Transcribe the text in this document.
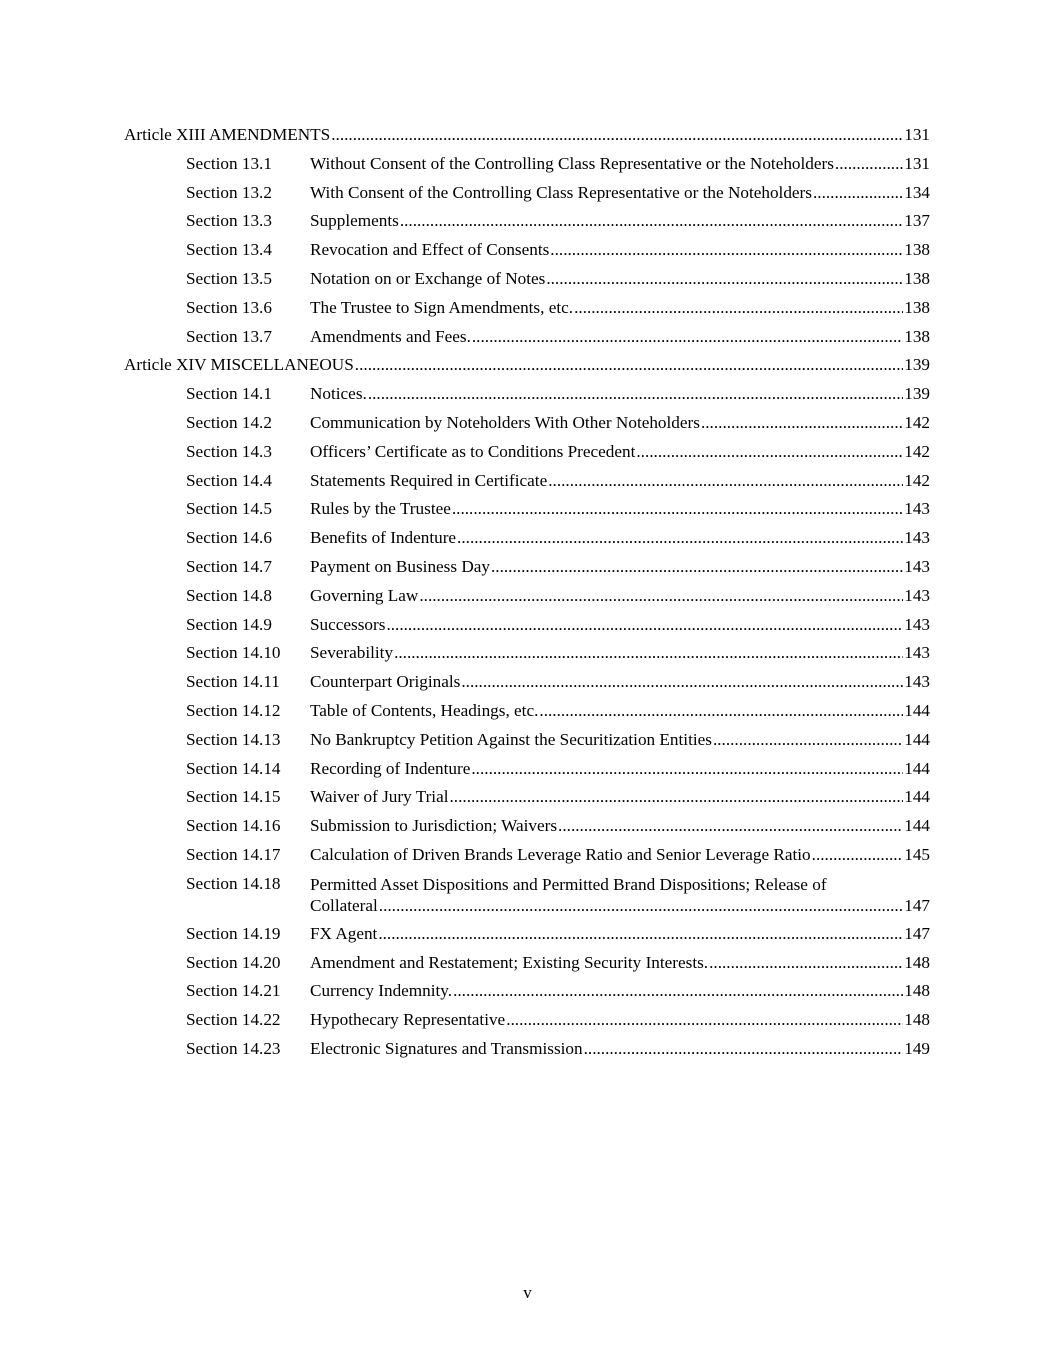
Article XIII AMENDMENTS .....	131
Section 13.1 Without Consent of the Controlling Class Representative or the Noteholders .....	131
Section 13.2 With Consent of the Controlling Class Representative or the Noteholders .....	134
Section 13.3 Supplements .....	137
Section 13.4 Revocation and Effect of Consents .....	138
Section 13.5 Notation on or Exchange of Notes .....	138
Section 13.6 The Trustee to Sign Amendments, etc. .....	138
Section 13.7 Amendments and Fees. .....	138
Article XIV MISCELLANEOUS .....	139
Section 14.1 Notices. .....	139
Section 14.2 Communication by Noteholders With Other Noteholders .....	142
Section 14.3 Officers’ Certificate as to Conditions Precedent .....	142
Section 14.4 Statements Required in Certificate .....	142
Section 14.5 Rules by the Trustee .....	143
Section 14.6 Benefits of Indenture .....	143
Section 14.7 Payment on Business Day .....	143
Section 14.8 Governing Law .....	143
Section 14.9 Successors .....	143
Section 14.10 Severability .....	143
Section 14.11 Counterpart Originals .....	143
Section 14.12 Table of Contents, Headings, etc. .....	144
Section 14.13 No Bankruptcy Petition Against the Securitization Entities .....	144
Section 14.14 Recording of Indenture .....	144
Section 14.15 Waiver of Jury Trial .....	144
Section 14.16 Submission to Jurisdiction; Waivers .....	144
Section 14.17 Calculation of Driven Brands Leverage Ratio and Senior Leverage Ratio .....	145
Section 14.18 Permitted Asset Dispositions and Permitted Brand Dispositions; Release of
Collateral .....	147
Section 14.19 FX Agent .....	147
Section 14.20 Amendment and Restatement; Existing Security Interests. .....	148
Section 14.21 Currency Indemnity. .....	148
Section 14.22 Hypothecary Representative .....	148
Section 14.23 Electronic Signatures and Transmission .....	149
v
